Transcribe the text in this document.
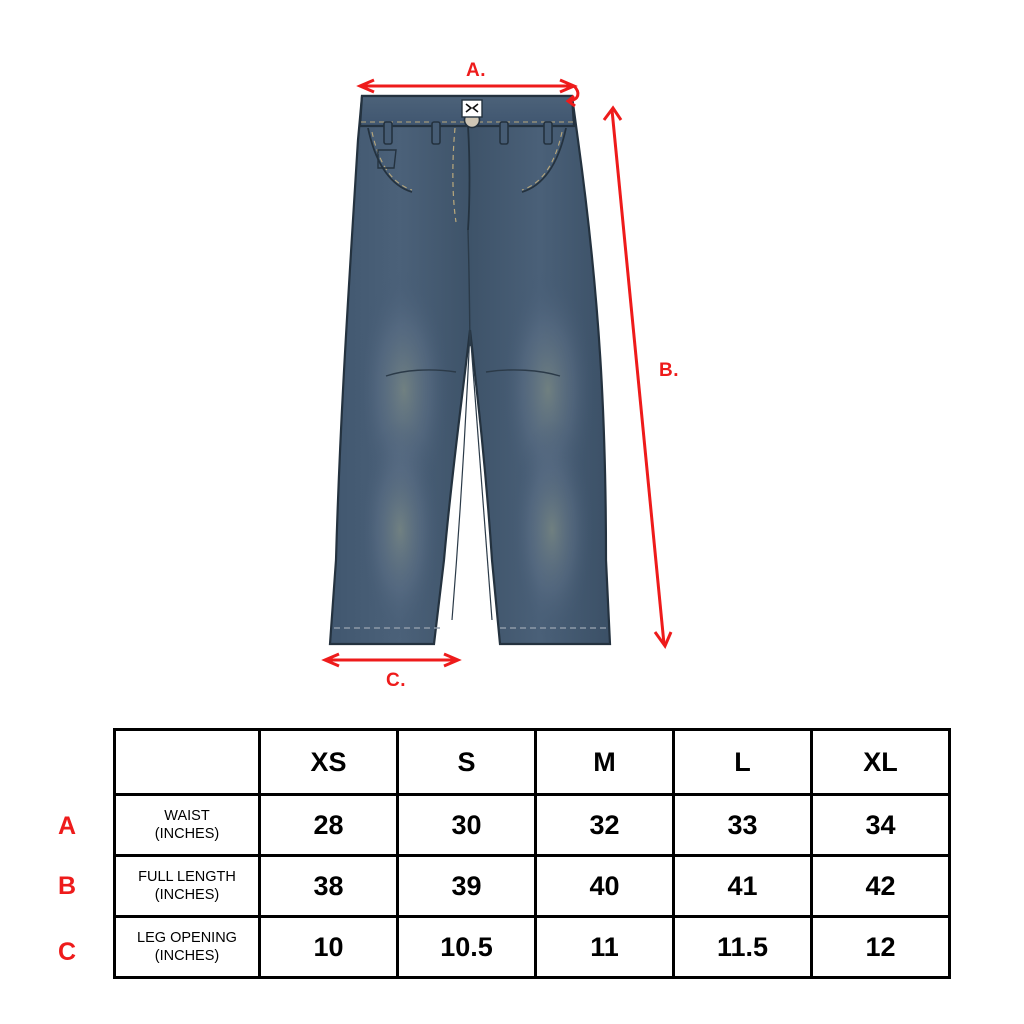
A.
B.
C.
A
B
C
	XS	S	M	L	XL
WAIST
(INCHES)	28	30	32	33	34
FULL LENGTH
(INCHES)	38	39	40	41	42
LEG OPENING
(INCHES)	10	10.5	11	11.5	12
